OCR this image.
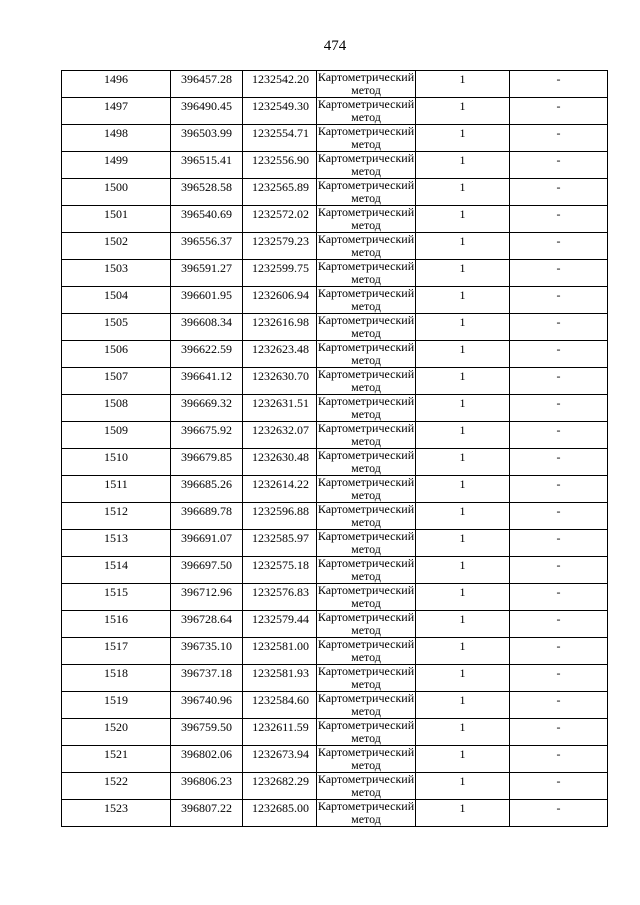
474
1496	396457.28	1232542.20	Картометрический метод	1	-

1497	396490.45	1232549.30	Картометрический метод	1	-

1498	396503.99	1232554.71	Картометрический метод	1	-

1499	396515.41	1232556.90	Картометрический метод	1	-

1500	396528.58	1232565.89	Картометрический метод	1	-

1501	396540.69	1232572.02	Картометрический метод	1	-

1502	396556.37	1232579.23	Картометрический метод	1	-

1503	396591.27	1232599.75	Картометрический метод	1	-

1504	396601.95	1232606.94	Картометрический метод	1	-

1505	396608.34	1232616.98	Картометрический метод	1	-

1506	396622.59	1232623.48	Картометрический метод	1	-

1507	396641.12	1232630.70	Картометрический метод	1	-

1508	396669.32	1232631.51	Картометрический метод	1	-

1509	396675.92	1232632.07	Картометрический метод	1	-

1510	396679.85	1232630.48	Картометрический метод	1	-

1511	396685.26	1232614.22	Картометрический метод	1	-

1512	396689.78	1232596.88	Картометрический метод	1	-

1513	396691.07	1232585.97	Картометрический метод	1	-

1514	396697.50	1232575.18	Картометрический метод	1	-

1515	396712.96	1232576.83	Картометрический метод	1	-

1516	396728.64	1232579.44	Картометрический метод	1	-

1517	396735.10	1232581.00	Картометрический метод	1	-

1518	396737.18	1232581.93	Картометрический метод	1	-

1519	396740.96	1232584.60	Картометрический метод	1	-

1520	396759.50	1232611.59	Картометрический метод	1	-

1521	396802.06	1232673.94	Картометрический метод	1	-

1522	396806.23	1232682.29	Картометрический метод	1	-

1523	396807.22	1232685.00	Картометрический метод	1	-
